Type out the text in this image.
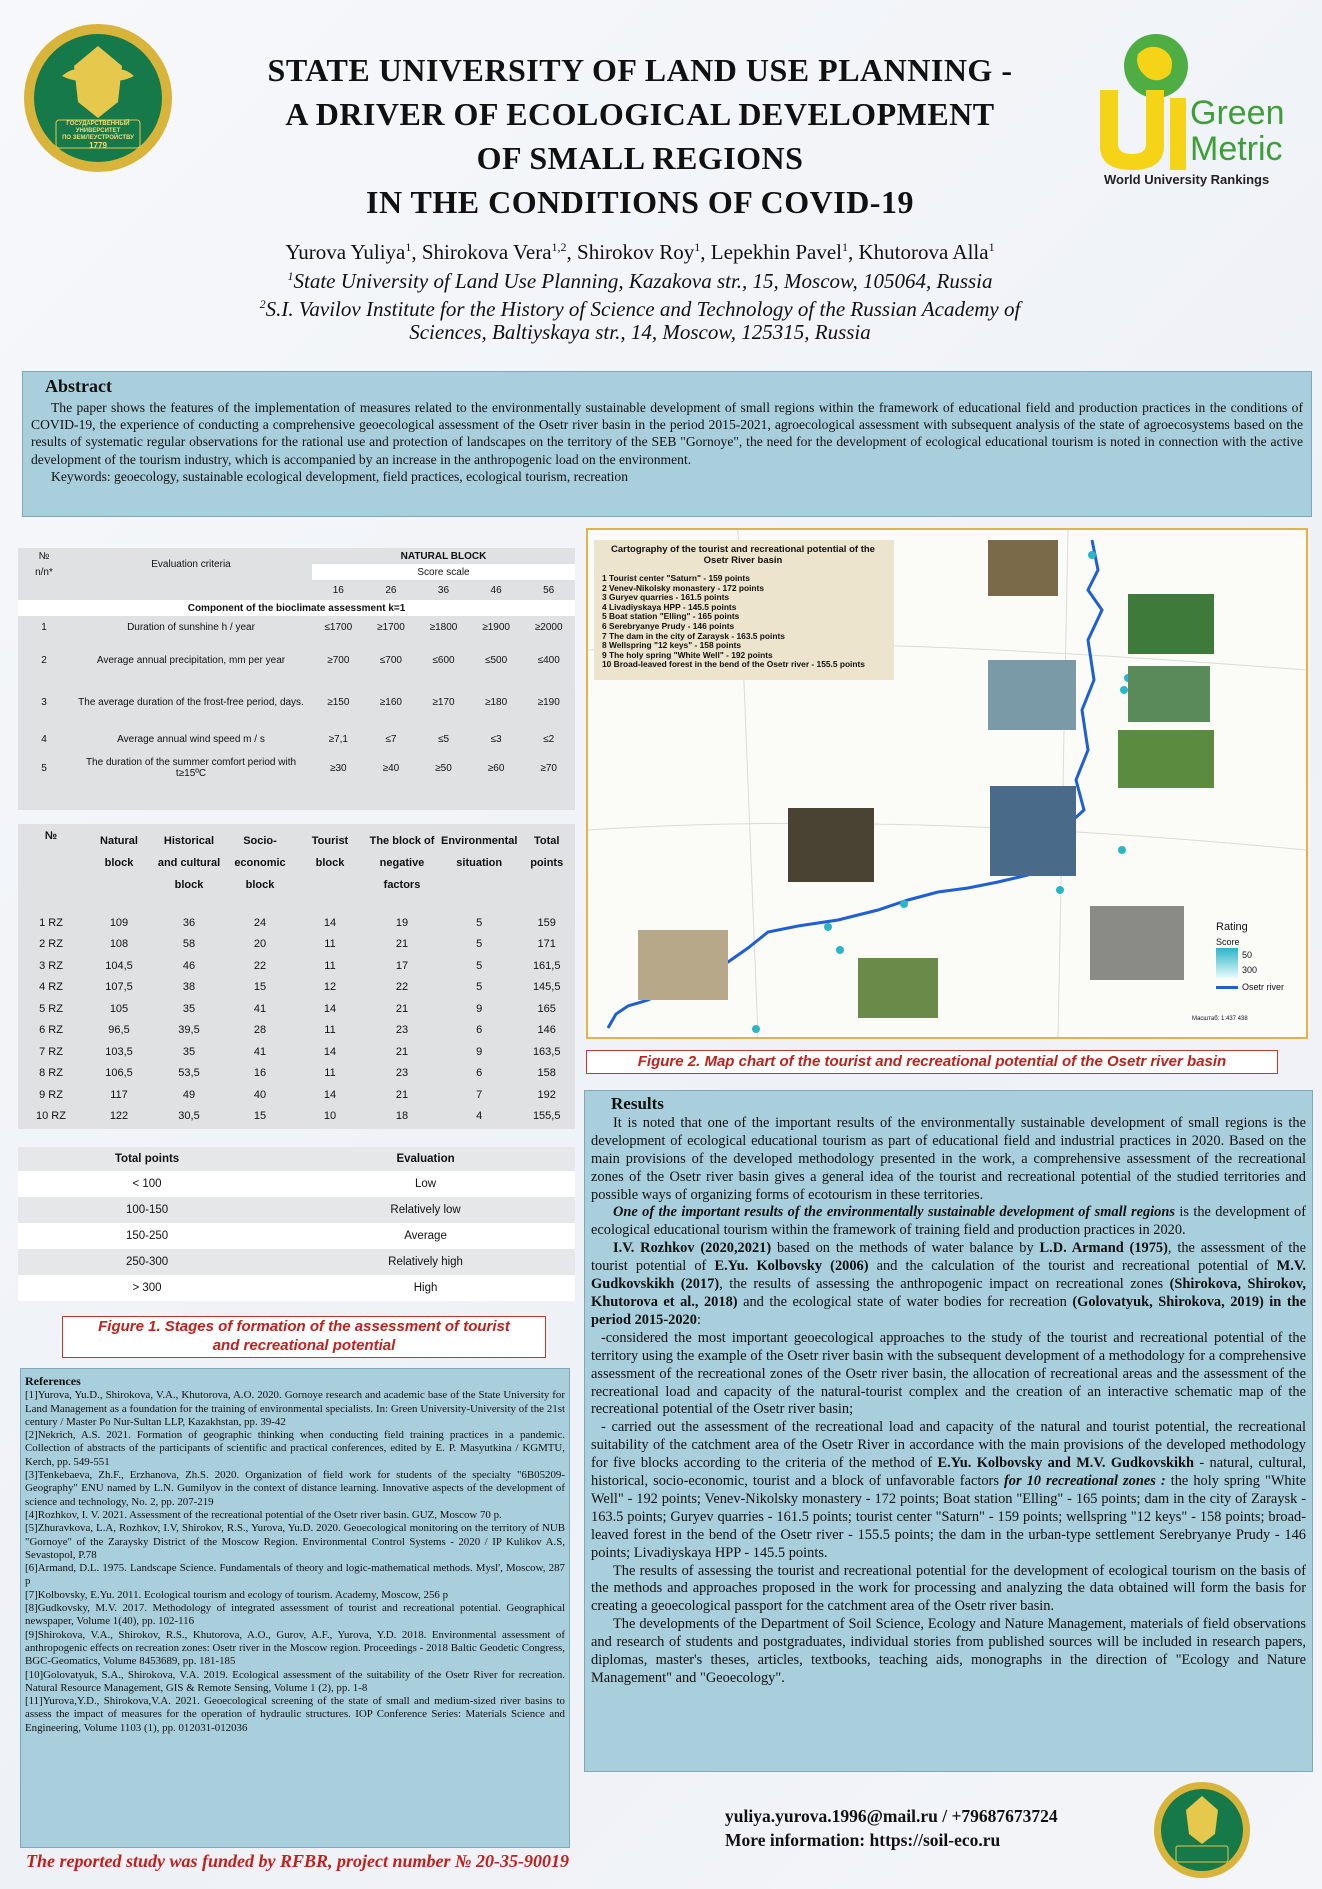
ГОСУДАРСТВЕННЫЙ
УНИВЕРСИТЕТ
ПО ЗЕМЛЕУСТРОЙСТВУ
1779
STATE UNIVERSITY OF LAND USE PLANNING -
A DRIVER OF ECOLOGICAL DEVELOPMENT
OF SMALL REGIONS
IN THE CONDITIONS OF COVID-19
Green
Metric
World University Rankings
Yurova Yuliya$^1$, Shirokova Vera$^{1,2}$, Shirokov Roy$^1$, Lepekhin Pavel$^1$, Khutorova Alla$^1$
$^1$State University of Land Use Planning, Kazakova str., 15, Moscow, 105064, Russia
$^2$S.I. Vavilov Institute for the History of Science and Technology of the Russian Academy of
Sciences, Baltiyskaya str., 14, Moscow, 125315, Russia
Abstract

The paper shows the features of the implementation of measures related to the environmentally sustainable development of small regions within the framework of educational field and production practices in the conditions of COVID-19, the experience of conducting a comprehensive geoecological assessment of the Osetr river basin in the period 2015-2021, agroecological assessment with subsequent analysis of the state of agroecosystems based on the results of systematic regular observations for the rational use and protection of landscapes on the territory of the SEB "Gornoye", the need for the development of ecological educational tourism is noted in connection with the active development of the tourism industry, which is accompanied by an increase in the anthropogenic load on the environment.

Keywords: geoecology, sustainable ecological development, field practices, ecological tourism, recreation

№	Evaluation criteria	NATURAL BLOCK				
n/n*		Score scale				
		16	26	36	46	56
Component of the bioclimate assessment k=1						
1	Duration of sunshine h / year	≤1700	≥1700	≥1800	≥1900	≥2000
2	Average annual precipitation, mm per year	≥700	≤700	≤600	≤500	≤400
3	The average duration of the frost-free period, days.	≥150	≥160	≥170	≥180	≥190
4	Average annual wind speed m / s	≥7,1	≤7	≤5	≤3	≤2
5	The duration of the summer comfort period with t≥15ºC	≥30	≥40	≥50	≥60	≥70
№	Natural block	Historical and cultural block	Socio-economic block	Tourist block	The block of negative factors	Environmental situation	Total points
1 RZ	109	36	24	14	19	5	159
2 RZ	108	58	20	11	21	5	171
3 RZ	104,5	46	22	11	17	5	161,5
4 RZ	107,5	38	15	12	22	5	145,5
5 RZ	105	35	41	14	21	9	165
6 RZ	96,5	39,5	28	11	23	6	146
7 RZ	103,5	35	41	14	21	9	163,5
8 RZ	106,5	53,5	16	11	23	6	158
9 RZ	117	49	40	14	21	7	192
10 RZ	122	30,5	15	10	18	4	155,5
Total points	Evaluation
< 100	Low
100-150	Relatively low
150-250	Average
250-300	Relatively high
> 300	High
Figure 1. Stages of formation of the assessment of tourist
and recreational potential
References
[1]Yurova, Yu.D., Shirokova, V.A., Khutorova, A.O. 2020. Gornoye research and academic base of the State University for Land Management as a foundation for the training of environmental specialists. In: Green University-University of the 21st century / Master Po Nur-Sultan LLP, Kazakhstan, pp. 39-42
[2]Nekrich, A.S. 2021. Formation of geographic thinking when conducting field training practices in a pandemic. Collection of abstracts of the participants of scientific and practical conferences, edited by E. P. Masyutkina / KGMTU, Kerch, pp. 549-551
[3]Tenkebaeva, Zh.F., Erzhanova, Zh.S. 2020. Organization of field work for students of the specialty "6B05209-Geography" ENU named by L.N. Gumilyov in the context of distance learning. Innovative aspects of the development of science and technology, No. 2, pp. 207-219
[4]Rozhkov, I. V. 2021. Assessment of the recreational potential of the Osetr river basin. GUZ, Moscow 70 p.
[5]Zhuravkova, L.A, Rozhkov, I.V, Shirokov, R.S., Yurova, Yu.D. 2020. Geoecological monitoring on the territory of NUB "Gornoye" of the Zaraysky District of the Moscow Region. Environmental Control Systems - 2020 / IP Kulikov A.S, Sevastopol, P.78
[6]Armand, D.L. 1975. Landscape Science. Fundamentals of theory and logic-mathematical methods. Mysl', Moscow, 287 p
[7]Kolbovsky, E.Yu. 2011. Ecological tourism and ecology of tourism. Academy, Moscow, 256 p
[8]Gudkovsky, M.V. 2017. Methodology of integrated assessment of tourist and recreational potential. Geographical newspaper, Volume 1(40), pp. 102-116
[9]Shirokova, V.A., Shirokov, R.S., Khutorova, A.O., Gurov, A.F., Yurova, Y.D. 2018. Environmental assessment of anthropogenic effects on recreation zones: Osetr river in the Moscow region. Proceedings - 2018 Baltic Geodetic Congress, BGC-Geomatics, Volume 8453689, pp. 181-185
[10]Golovatyuk, S.A., Shirokova, V.A. 2019. Ecological assessment of the suitability of the Osetr River for recreation. Natural Resource Management, GIS & Remote Sensing, Volume 1 (2), pp. 1-8
[11]Yurova,Y.D., Shirokova,V.A. 2021. Geoecological screening of the state of small and medium-sized river basins to assess the impact of measures for the operation of hydraulic structures. IOP Conference Series: Materials Science and Engineering, Volume 1103 (1), pp. 012031-012036
The reported study was funded by RFBR, project number № 20-35-90019
Cartography of the tourist and recreational potential of the Osetr River basin
1 Tourist center "Saturn" - 159 points
2 Venev-Nikolsky monastery - 172 points
3 Guryev quarries - 161.5 points
4 Livadiyskaya HPP - 145.5 points
5 Boat station "Elling" - 165 points
6 Serebryanye Prudy - 146 points
7 The dam in the city of Zaraysk - 163.5 points
8 Wellspring "12 keys" - 158 points
9 The holy spring "White Well" - 192 points
10 Broad-leaved forest in the bend of the Osetr river - 155.5 points
Rating
Score
50
300
Osetr river
Масштаб: 1:437 438
Figure 2. Map chart of the tourist and recreational potential of the Osetr river basin
Results

It is noted that one of the important results of the environmentally sustainable development of small regions is the development of ecological educational tourism as part of educational field and industrial practices in 2020. Based on the main provisions of the developed methodology presented in the work, a comprehensive assessment of the recreational zones of the Osetr river basin gives a general idea of the tourist and recreational potential of the studied territories and possible ways of organizing forms of ecotourism in these territories.

One of the important results of the environmentally sustainable development of small regions is the development of ecological educational tourism within the framework of training field and production practices in 2020.

I.V. Rozhkov (2020,2021) based on the methods of water balance by L.D. Armand (1975), the assessment of the tourist potential of E.Yu. Kolbovsky (2006) and the calculation of the tourist and recreational potential of M.V. Gudkovskikh (2017), the results of assessing the anthropogenic impact on recreational zones (Shirokova, Shirokov, Khutorova et al., 2018) and the ecological state of water bodies for recreation (Golovatyuk, Shirokova, 2019) in the period 2015-2020:

-considered the most important geoecological approaches to the study of the tourist and recreational potential of the territory using the example of the Osetr river basin with the subsequent development of a methodology for a comprehensive assessment of the recreational zones of the Osetr river basin, the allocation of recreational areas and the assessment of the recreational load and capacity of the natural-tourist complex and the creation of an interactive schematic map of the recreational potential of the Osetr river basin;

- carried out the assessment of the recreational load and capacity of the natural and tourist potential, the recreational suitability of the catchment area of the Osetr River in accordance with the main provisions of the developed methodology for five blocks according to the criteria of the method of E.Yu. Kolbovsky and M.V. Gudkovskikh - natural, cultural, historical, socio-economic, tourist and a block of unfavorable factors for 10 recreational zones : the holy spring "White Well" - 192 points; Venev-Nikolsky monastery - 172 points; Boat station "Elling" - 165 points; dam in the city of Zaraysk - 163.5 points; Guryev quarries - 161.5 points; tourist center "Saturn" - 159 points; wellspring "12 keys" - 158 points; broad-leaved forest in the bend of the Osetr river - 155.5 points; the dam in the urban-type settlement Serebryanye Prudy - 146 points; Livadiyskaya HPP - 145.5 points.

The results of assessing the tourist and recreational potential for the development of ecological tourism on the basis of the methods and approaches proposed in the work for processing and analyzing the data obtained will form the basis for creating a geoecological passport for the catchment area of the Osetr river basin.

The developments of the Department of Soil Science, Ecology and Nature Management, materials of field observations and research of students and postgraduates, individual stories from published sources will be included in research papers, diplomas, master's theses, articles, textbooks, teaching aids, monographs in the direction of "Ecology and Nature Management" and "Geoecology".

yuliya.yurova.1996@mail.ru / +79687673724
More information: https://soil-eco.ru
